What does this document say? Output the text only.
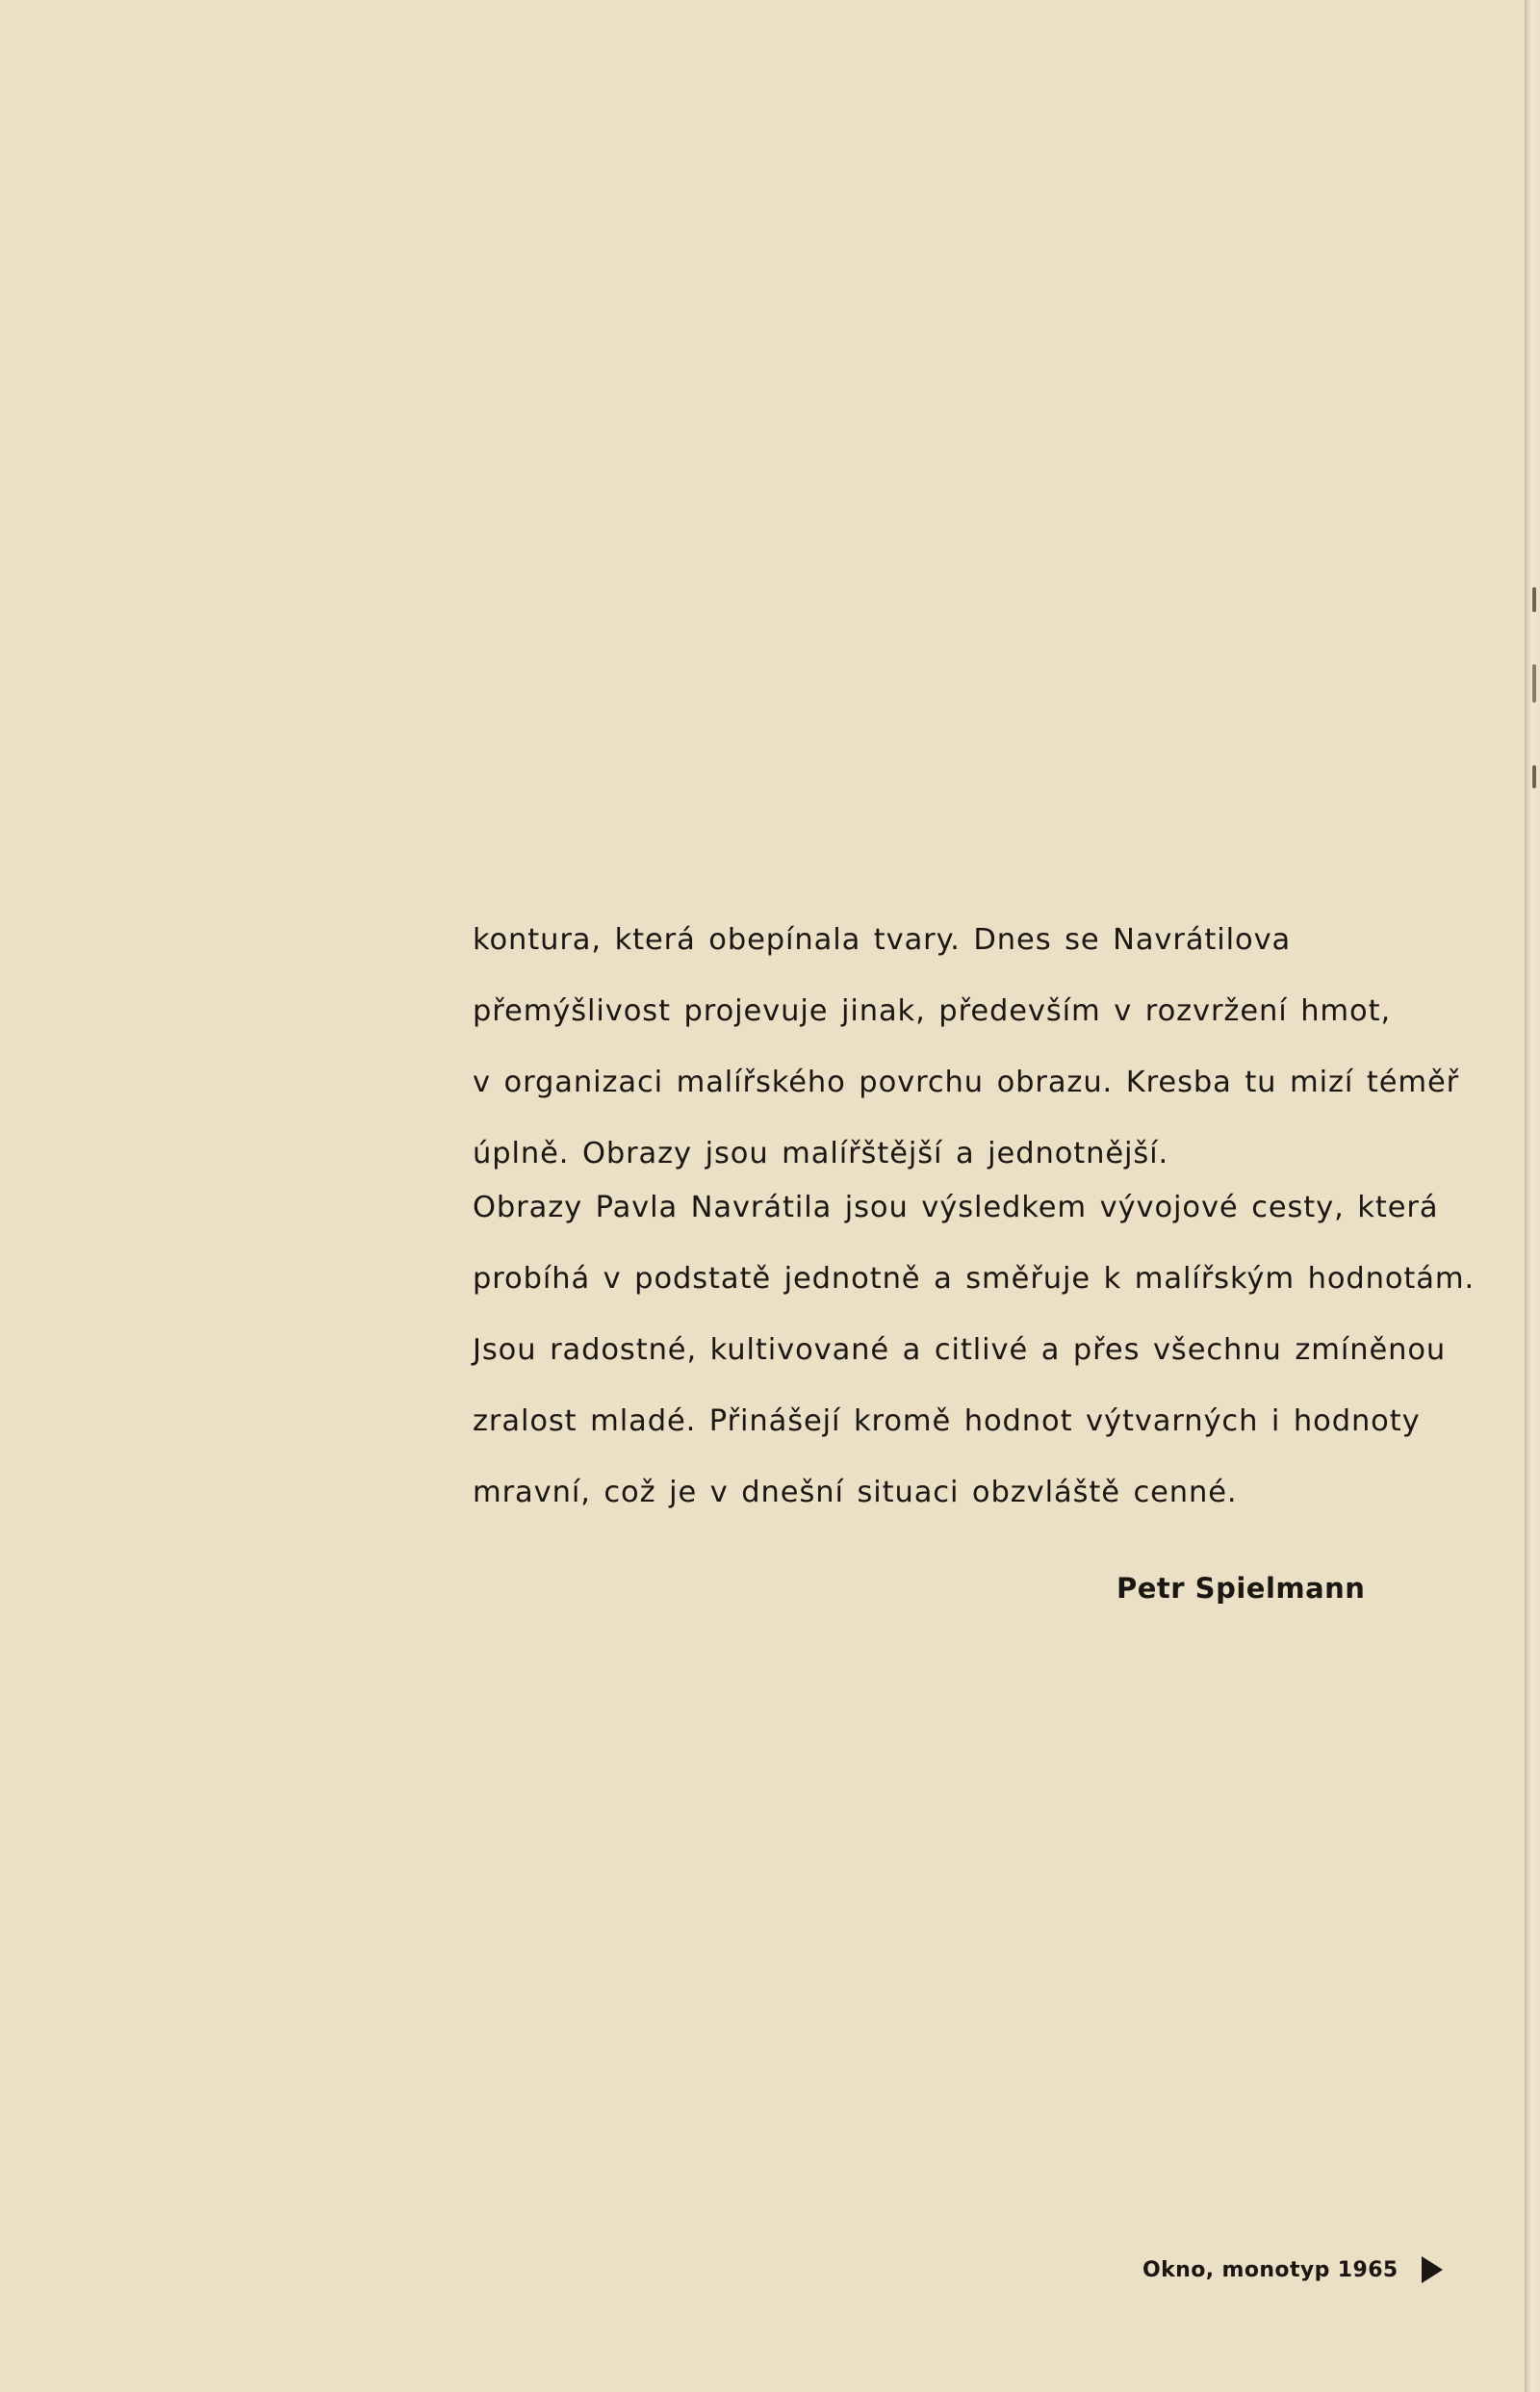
kontura, která obepínala tvary. Dnes se Navrátilova
přemýšlivost projevuje jinak, především v rozvržení hmot,
v organizaci malířského povrchu obrazu. Kresba tu mizí téměř
úplně. Obrazy jsou malířštější a jednotnější.
Obrazy Pavla Navrátila jsou výsledkem vývojové cesty, která
probíhá v podstatě jednotně a směřuje k malířským hodnotám.
Jsou radostné, kultivované a citlivé a přes všechnu zmíněnou
zralost mladé. Přinášejí kromě hodnot výtvarných i hodnoty
mravní, což je v dnešní situaci obzvláště cenné.
Petr Spielmann
Okno, monotyp 1965
